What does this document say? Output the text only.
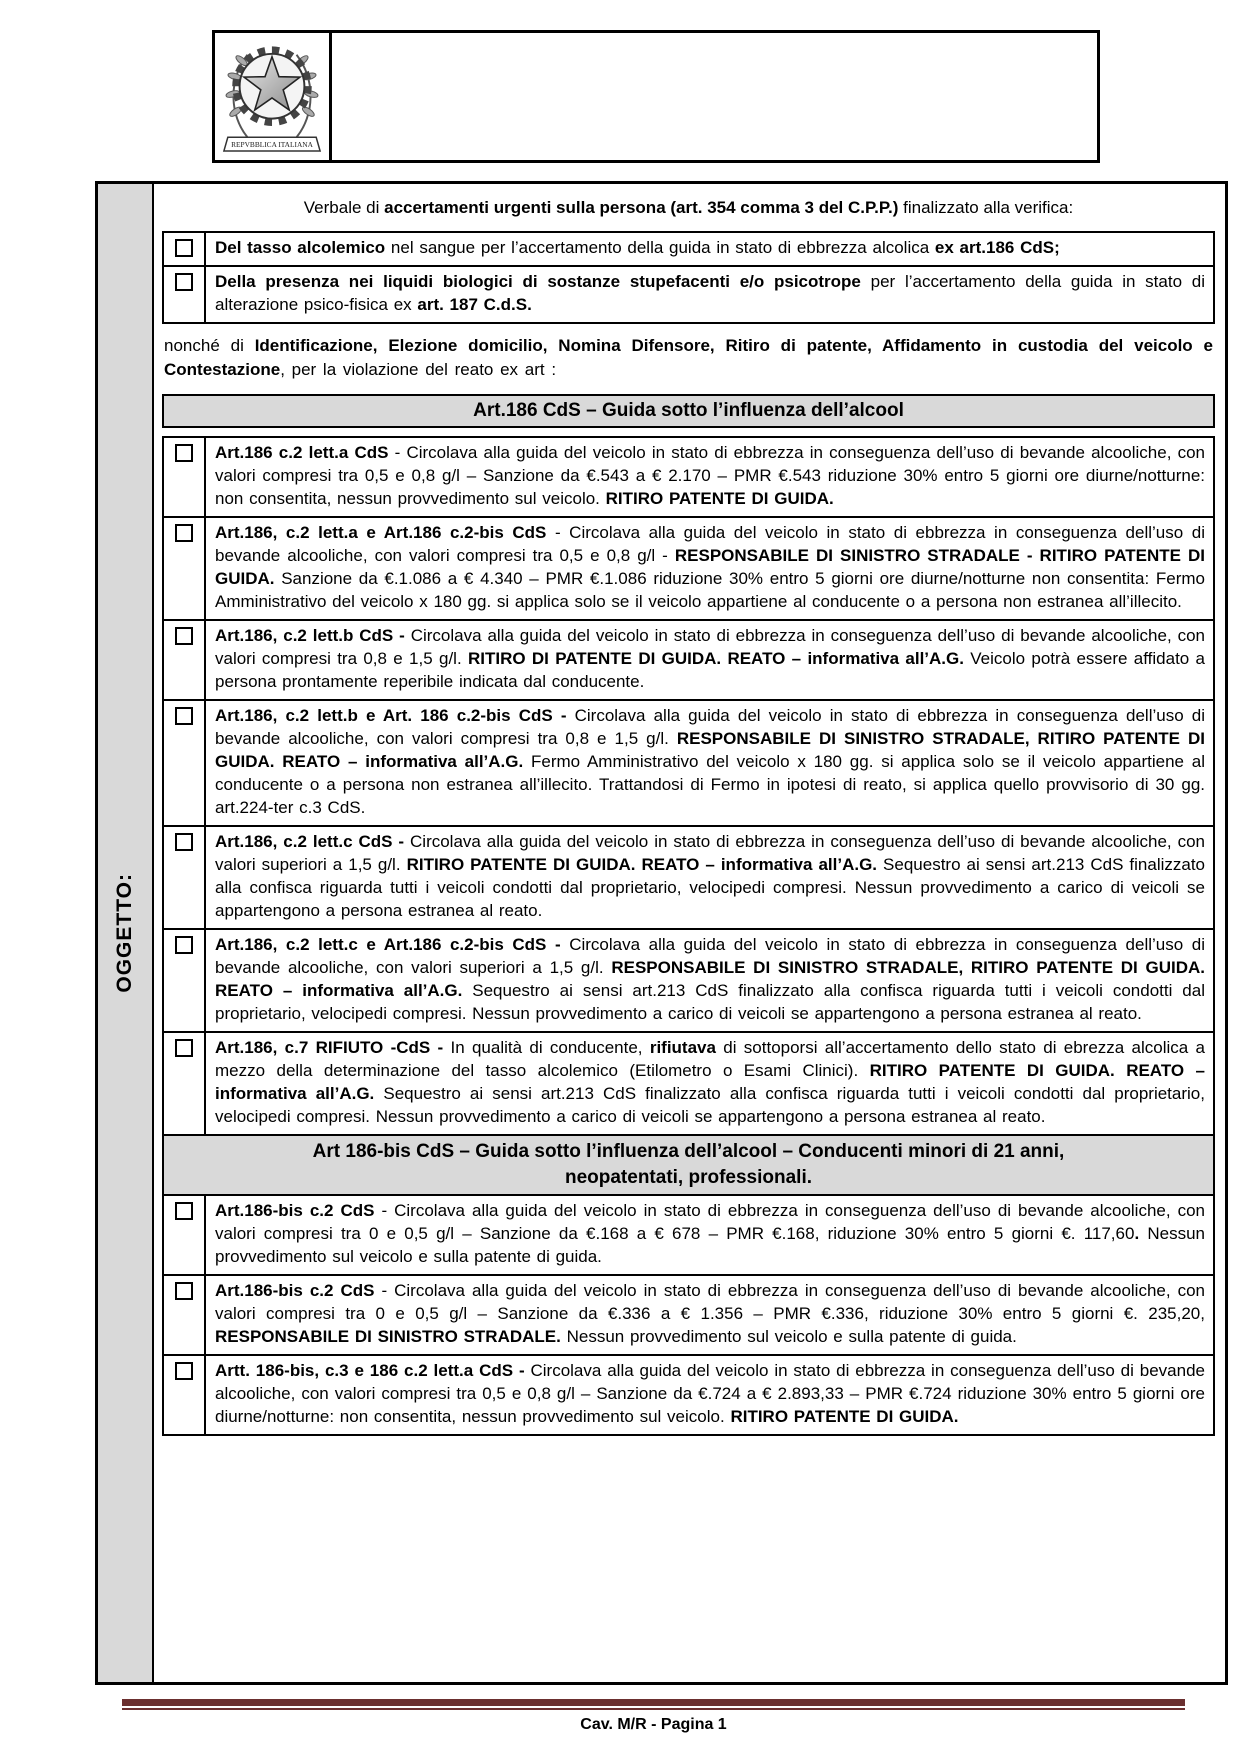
REPVBBLICA ITALIANA
OGGETTO:

Verbale di accertamenti urgenti sulla persona (art. 354 comma 3 del C.P.P.) finalizzato alla verifica:

Del tasso alcolemico nel sangue per l’accertamento della guida in stato di ebbrezza alcolica ex art.186 CdS;
Della presenza nei liquidi biologici di sostanze stupefacenti e/o psicotrope per l’accertamento della guida in stato di alterazione psico-fisica ex art. 187 C.d.S.

nonché di Identificazione, Elezione domicilio, Nomina Difensore, Ritiro di patente, Affidamento in custodia del veicolo e Contestazione, per la violazione del reato ex art :

Art.186 CdS – Guida sotto l’influenza dell’alcool
Art.186 c.2 lett.a CdS - Circolava alla guida del veicolo in stato di ebbrezza in conseguenza dell’uso di bevande alcooliche, con valori compresi tra 0,5 e 0,8 g/l – Sanzione da €.543 a € 2.170 – PMR €.543 riduzione 30% entro 5 giorni ore diurne/notturne: non consentita, nessun provvedimento sul veicolo. RITIRO PATENTE DI GUIDA.
Art.186, c.2 lett.a e Art.186 c.2-bis CdS - Circolava alla guida del veicolo in stato di ebbrezza in conseguenza dell’uso di bevande alcooliche, con valori compresi tra 0,5 e 0,8 g/l - RESPONSABILE DI SINISTRO STRADALE - RITIRO PATENTE DI GUIDA. Sanzione da €.1.086 a € 4.340 – PMR €.1.086 riduzione 30% entro 5 giorni ore diurne/notturne non consentita: Fermo Amministrativo del veicolo x 180 gg. si applica solo se il veicolo appartiene al conducente o a persona non estranea all’illecito.
Art.186, c.2 lett.b CdS - Circolava alla guida del veicolo in stato di ebbrezza in conseguenza dell’uso di bevande alcooliche, con valori compresi tra 0,8 e 1,5 g/l. RITIRO DI PATENTE DI GUIDA. REATO – informativa all’A.G. Veicolo potrà essere affidato a persona prontamente reperibile indicata dal conducente.
Art.186, c.2 lett.b e Art. 186 c.2-bis CdS - Circolava alla guida del veicolo in stato di ebbrezza in conseguenza dell’uso di bevande alcooliche, con valori compresi tra 0,8 e 1,5 g/l. RESPONSABILE DI SINISTRO STRADALE, RITIRO PATENTE DI GUIDA. REATO – informativa all’A.G. Fermo Amministrativo del veicolo x 180 gg. si applica solo se il veicolo appartiene al conducente o a persona non estranea all’illecito. Trattandosi di Fermo in ipotesi di reato, si applica quello provvisorio di 30 gg. art.224-ter c.3 CdS.
Art.186, c.2 lett.c CdS - Circolava alla guida del veicolo in stato di ebbrezza in conseguenza dell’uso di bevande alcooliche, con valori superiori a 1,5 g/l. RITIRO PATENTE DI GUIDA. REATO – informativa all’A.G. Sequestro ai sensi art.213 CdS finalizzato alla confisca riguarda tutti i veicoli condotti dal proprietario, velocipedi compresi. Nessun provvedimento a carico di veicoli se appartengono a persona estranea al reato.
Art.186, c.2 lett.c e Art.186 c.2-bis CdS - Circolava alla guida del veicolo in stato di ebbrezza in conseguenza dell’uso di bevande alcooliche, con valori superiori a 1,5 g/l. RESPONSABILE DI SINISTRO STRADALE, RITIRO PATENTE DI GUIDA. REATO – informativa all’A.G. Sequestro ai sensi art.213 CdS finalizzato alla confisca riguarda tutti i veicoli condotti dal proprietario, velocipedi compresi. Nessun provvedimento a carico di veicoli se appartengono a persona estranea al reato.
Art.186, c.7 RIFIUTO -CdS - In qualità di conducente, rifiutava di sottoporsi all’accertamento dello stato di ebrezza alcolica a mezzo della determinazione del tasso alcolemico (Etilometro o Esami Clinici). RITIRO PATENTE DI GUIDA. REATO – informativa all’A.G. Sequestro ai sensi art.213 CdS finalizzato alla confisca riguarda tutti i veicoli condotti dal proprietario, velocipedi compresi. Nessun provvedimento a carico di veicoli se appartengono a persona estranea al reato.
Art 186-bis CdS – Guida sotto l’influenza dell’alcool – Conducenti minori di 21 anni,
neopatentati, professionali.
Art.186-bis c.2 CdS - Circolava alla guida del veicolo in stato di ebbrezza in conseguenza dell’uso di bevande alcooliche, con valori compresi tra 0 e 0,5 g/l – Sanzione da €.168 a € 678 – PMR €.168, riduzione 30% entro 5 giorni €. 117,60. Nessun provvedimento sul veicolo e sulla patente di guida.
Art.186-bis c.2 CdS - Circolava alla guida del veicolo in stato di ebbrezza in conseguenza dell’uso di bevande alcooliche, con valori compresi tra 0 e 0,5 g/l – Sanzione da €.336 a € 1.356 – PMR €.336, riduzione 30% entro 5 giorni €. 235,20, RESPONSABILE DI SINISTRO STRADALE. Nessun provvedimento sul veicolo e sulla patente di guida.
Artt. 186-bis, c.3 e 186 c.2 lett.a CdS - Circolava alla guida del veicolo in stato di ebbrezza in conseguenza dell’uso di bevande alcooliche, con valori compresi tra 0,5 e 0,8 g/l – Sanzione da €.724 a € 2.893,33 – PMR €.724 riduzione 30% entro 5 giorni ore diurne/notturne: non consentita, nessun provvedimento sul veicolo. RITIRO PATENTE DI GUIDA.
Cav. M/R - Pagina 1
